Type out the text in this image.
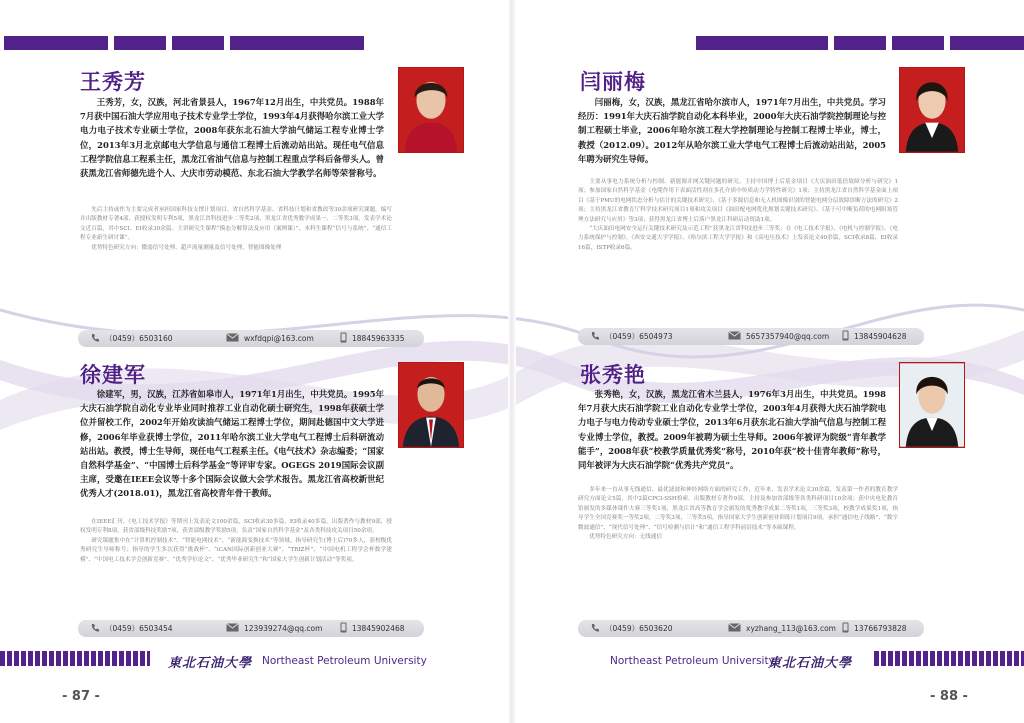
王秀芳
王秀芳，女，汉族，河北省景县人，1967年12月出生，中共党员。1988年7月获中国石油大学应用电子技术专业学士学位，1993年4月获得哈尔滨工业大学电力电子技术专业硕士学位，2008年获东北石油大学油气储运工程专业博士学位，2013年3月北京邮电大学信息与通信工程博士后流动站出站。现任电气信息工程学院信息工程系主任，黑龙江省油气信息与控制工程重点学科后备带头人。曾获黑龙江省师德先进个人、大庆市劳动模范、东北石油大学教学名师等荣誉称号。

先后主持或作为主要完成者承担国家科技支撑计划项目、省自然科学基金、省科技计划和省教改等30余项研究课题。编写并出版教材专著4部，获授权发明专利5项，黑龙江省科技进步二等奖2项、黑龙江省优秀教学成果一、二等奖3项，发表学术论文近百篇，其中SCI、EI收录30余篇。主讲研究生课程“模态分解算法及应用（案例课）”、本科生课程“信号与系统”、“通信工程专业新生研讨课”。

优势特色研究方向：微弱信号处理、超声流量测量及信号处理，智能图像处理

（0459）6503160	wxfdqpi@163.com	18845963335
徐建军
徐建军，男，汉族，江苏省如皋市人，1971年1月出生，中共党员。1995年大庆石油学院自动化专业毕业同时推荐工业自动化硕士研究生，1998年获硕士学位并留校工作，2002年开始攻读油气储运工程博士学位，期间赴德国中文大学进修，2006年毕业获博士学位，2011年哈尔滨工业大学电气工程博士后科研流动站出站。教授，博士生导师，现任电气工程系主任。《电气技术》杂志编委；“国家自然科学基金”、“中国博士后科学基金”等评审专家。OGEGS 2019国际会议副主席，受邀在IEEE会议等十多个国际会议做大会学术报告。黑龙江省高校新世纪优秀人才(2018.01)，黑龙江省高校青年骨干教师。

在IEEE汇刊、《电工技术学报》等期刊上发表论文100余篇，SCI收录30多篇，EI收录40多篇。出版著作与教材9部，授权发明专利8项，获省部级科技奖励7项，获省部级教学奖励5项，负责“国家自然科学基金”及各类科技攻关项目50余项。

研究课题集中在“计算机控制技术”、“智能电网技术”、“新能源变换技术”等领域。指导研究生(博士后)70多人，获校级优秀研究生导师称号；指导的学生多次获得“挑战杯”、“iCAN国际创新创业大赛”、“TRIZ杯”、“中国电机工程学会杯数学建模”、“中国电工技术学会创新竞赛”、“优秀学位论文”、“优秀毕业研究生”和“国家大学生创新计划活动”等奖项。

（0459）6503454	123939274@qq.com	13845902468
東北石油大學 Northeast Petroleum University
- 87 -
闫丽梅
闫丽梅，女，汉族，黑龙江省哈尔滨市人，1971年7月出生，中共党员。学习经历：1991年大庆石油学院自动化本科毕业，2000年大庆石油学院控制理论与控制工程硕士毕业，2006年哈尔滨工程大学控制理论与控制工程博士毕业，博士，教授（2012.09）。2012年从哈尔滨工业大学电气工程博士后流动站出站，2005年聘为研究生导师。

主要从事电力系统分析与控制、新能源并网关键问题的研究。主持中国博士后基金项目《大庆油田低倍故障分析与研究》1项；参加国家自然科学基金《电缆作用下表面活性剂在多孔介质中传质动力学特性研究》1项；主持黑龙江省自然科学基金面上项目《基于PMU的电网状态分析与估计的关键技术研究》、《基于多源信息和无人机图像识别的智能电网分层故障诊断方法的研究》2项；主持黑龙江省教育厅科学技术研究项目1项和攻关项目《油田配电网优化规划关键技术研究》、《基于可中断负荷的电网阻塞管理方法研究与应用》等3项；获得黑龙江省博士后落户黑龙江科研启动资助1项。

“大庆油田电网安全运行关键技术研究及示范工程”获黑龙江省科技进步三等奖；在《电工技术学报》、《电机与控制学报》、《电力系统保护与控制》、《西安交通大学学报》、《哈尔滨工程大学学报》和《高电压技术》上发表论文40余篇，SCI收录8篇，EI收录16篇，ISTP收录6篇。

（0459）6504973	5657357940@qq.com	13845904628
张秀艳
张秀艳，女，汉族，黑龙江省木兰县人，1976年3月出生，中共党员。1998年7月获大庆石油学院工业自动化专业学士学位，2003年4月获得大庆石油学院电力电子与电力传动专业硕士学位，2013年6月获东北石油大学油气信息与控制工程专业博士学位，教授。2009年被聘为硕士生导师。2006年被评为院级“青年教学能手”，2008年获“校教学质量优秀奖”称号，2010年获“校十佳青年教师”称号，同年被评为大庆石油学院“优秀共产党员”。

多年来一直从事无线通信、最优滤波和神经网络方面的研究工作，近年来，发表学术论文30余篇，发表第一作者的教育教学研究方面论文5篇，其中2篇CPCI-SSH检索。出版教材专著作9部。主持及参加省部级等各类科研项目10余项；获中央电化教育馆颁发的多媒体课件大赛三等奖1项，黑龙江省高等教育学会颁发的优秀教学成果二等奖1项，三等奖3项，校教学成果奖1项，指导学生全国竞赛奖一等奖2项，二等奖3项，三等奖5项，指导国家大学生创新创业训练计划项目9项。承担“通信电子线路”、“数字微波通信”、“现代信号处理”、“信号检测与估计”和“通信工程学科前沿技术”等本硕课程。

优势特色研究方向：无线通信

（0459）6503620	xyzhang_113@163.com 13766793828
Northeast Petroleum University
東北石油大學
- 88 -
